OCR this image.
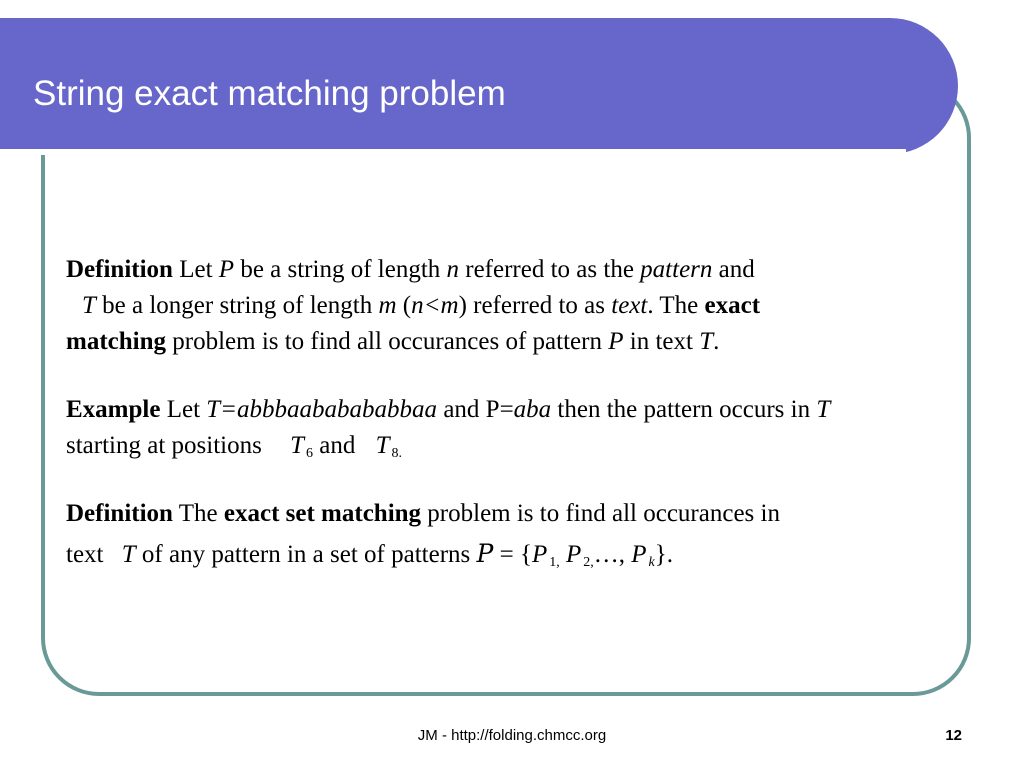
String exact matching problem
Definition Let P be a string of length n referred to as the pattern and
T be a longer string of length m (n<m) referred to as text. The exact
matching problem is to find all occurances of pattern P in text T.
Example Let T=abbbaababababbaa and P=aba then the pattern occurs in T
starting at positions T $_6$ and T $_{8.}$
Definition The exact set matching problem is to find all occurances in
text T of any pattern in a set of patterns P = {P $_{1,}$ P $_{2,}$…, P $_k$}.
JM - http://folding.chmcc.org	12
